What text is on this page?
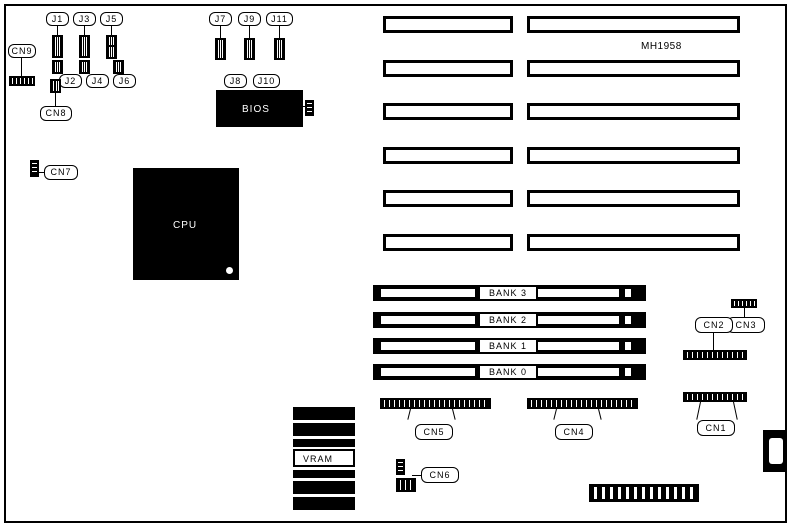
MH1958
J1	J3	J5
J2	J4	J6
CN9
CN8
CN7
CPU
J7	J9	J11
J8	J10
BIOS
BANK 3
BANK 2
BANK 1
BANK 0
CN5	CN4
CN3
CN2
CN1
CN6
VRAM
